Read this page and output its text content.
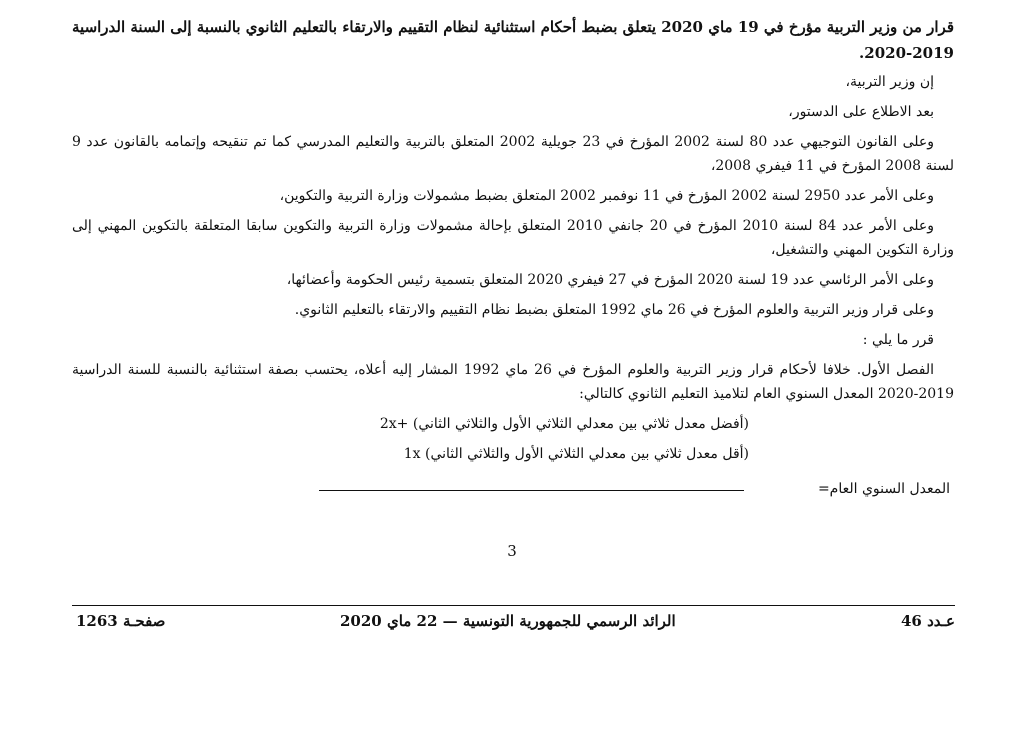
قرار من وزير التربية مؤرخ في 19 ماي 2020 يتعلق بضبط أحكام استثنائية لنظام التقييم والارتقاء بالتعليم الثانوي بالنسبة إلى السنة الدراسية 2019-2020.

إن وزير التربية،

بعد الاطلاع على الدستور،

وعلى القانون التوجيهي عدد 80 لسنة 2002 المؤرخ في 23 جويلية 2002 المتعلق بالتربية والتعليم المدرسي كما تم تنقيحه وإتمامه بالقانون عدد 9 لسنة 2008 المؤرخ في 11 فيفري 2008،

وعلى الأمر عدد 2950 لسنة 2002 المؤرخ في 11 نوفمبر 2002 المتعلق بضبط مشمولات وزارة التربية والتكوين،

وعلى الأمر عدد 84 لسنة 2010 المؤرخ في 20 جانفي 2010 المتعلق بإحالة مشمولات وزارة التربية والتكوين سابقا المتعلقة بالتكوين المهني إلى وزارة التكوين المهني والتشغيل،

وعلى الأمر الرئاسي عدد 19 لسنة 2020 المؤرخ في 27 فيفري 2020 المتعلق بتسمية رئيس الحكومة وأعضائها،

وعلى قرار وزير التربية والعلوم المؤرخ في 26 ماي 1992 المتعلق بضبط نظام التقييم والارتقاء بالتعليم الثانوي.

قرر ما يلي :

الفصل الأول. خلافا لأحكام قرار وزير التربية والعلوم المؤرخ في 26 ماي 1992 المشار إليه أعلاه، يحتسب بصفة استثنائية بالنسبة للسنة الدراسية 2019-2020 المعدل السنوي العام لتلاميذ التعليم الثانوي كالتالي:

(أفضل معدل ثلاثي بين معدلي الثلاثي الأول والثلاثي الثاني) 2x+
(أقل معدل ثلاثي بين معدلي الثلاثي الأول والثلاثي الثاني) 1x
المعدل السنوي العام=
3
عـدد 46
الرائد الرسمي للجمهورية التونسية — 22 ماي 2020
صفحـة 1263
